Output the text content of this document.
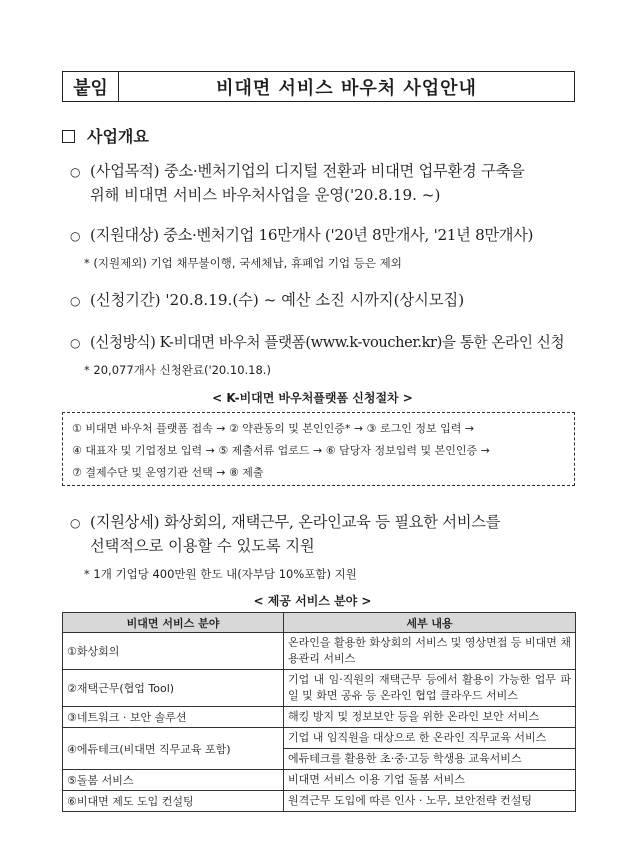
붙임	비대면 서비스 바우처 사업안내
사업개요
○ (사업목적) 중소·벤처기업의 디지털 전환과 비대면 업무환경 구축을
위해 비대면 서비스 바우처사업을 운영('20.8.19. ~)
○ (지원대상) 중소·벤처기업 16만개사 ('20년 8만개사, '21년 8만개사)
* (지원제외) 기업 채무불이행, 국세체납, 휴폐업 기업 등은 제외
○ (신청기간) '20.8.19.(수) ~ 예산 소진 시까지(상시모집)
○ (신청방식) K-비대면 바우처 플랫폼(www.k-voucher.kr)을 통한 온라인 신청
* 20,077개사 신청완료('20.10.18.)
< K-비대면 바우처플랫폼 신청절차 >
① 비대면 바우처 플랫폼 접속 → ② 약관동의 및 본인인증* → ③ 로그인 정보 입력 →
④ 대표자 및 기업정보 입력 → ⑤ 제출서류 업로드 → ⑥ 담당자 정보입력 및 본인인증 →
⑦ 결제수단 및 운영기관 선택 → ⑧ 제출
○ (지원상세) 화상회의, 재택근무, 온라인교육 등 필요한 서비스를
선택적으로 이용할 수 있도록 지원
* 1개 기업당 400만원 한도 내(자부담 10%포함) 지원
< 제공 서비스 분야 >
비대면 서비스 분야	세부 내용
①화상회의	온라인을 활용한 화상회의 서비스 및 영상면접 등 비대면 채용관리 서비스
②재택근무(협업 Tool)	기업 내 임·직원의 재택근무 등에서 활용이 가능한 업무 파일 및 화면 공유 등 온라인 협업 클라우드 서비스
③네트워크 · 보안 솔루션	해킹 방지 및 정보보안 등을 위한 온라인 보안 서비스
④에듀테크(비대면 직무교육 포함)	기업 내 임직원을 대상으로 한 온라인 직무교육 서비스
	에듀테크를 활용한 초·중·고등 학생용 교육서비스
⑤돌봄 서비스	비대면 서비스 이용 기업 돌봄 서비스
⑥비대면 제도 도입 컨설팅	원격근무 도입에 따른 인사 · 노무, 보안전략 컨설팅
